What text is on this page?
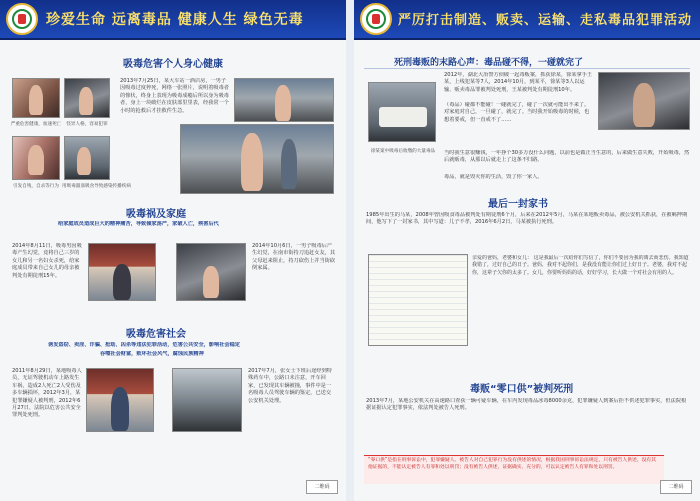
珍爱生命 远离毒品 健康人生 绿色无毒
吸毒危害个人身心健康
严重危害健康，加速死亡	怪异人格，容易犯罪
引发自残，自杀等行为 用吸毒器皿吸食导致感染传播疾病
2013年7月25日，某大车站一酒店房，一男子因吸毒过度猝死，网络一张照片，说明着吸毒者的惨状，终身上表现为吸毒成瘾后所以身为吸毒者，身上一块破烂在皮肤部里里表，经我常一个小时的抢救后才挂救件生急。
吸毒祸及家庭
给家庭成员造成巨大的精神痛苦，导致倾家荡产，家破人亡，殃害后代
2014年8月11日，吸毒男因吸毒产生幻觉，竟将自己三岁的女儿和另一名妇女杀死，给家庭成员带来自己女儿的母亲被判处有期徒刑15年。
2014年10月6日，一男子吸毒后产生幻觉，在南市街持刀追赶女友，其父母赶来阻止，持刀砍伤上并当街砍倒家属。
吸毒危害社会
诱发盗窃、卖淫、诈骗、抢劫、凶杀等违法犯罪活动，危害公共安全，影响社会稳定
吞噬社会财富，败坏社会风气，腐蚀民族精神
2011年8月29日，某地吸毒人员，无证驾驶机动车上路发生车祸，造成2人死亡2人受伤及多车辆损坏，2012年3月，某犯罪嫌疑人被判刑，2012年6月27日，法院以危害公共安全罪判处死刑。
2017年7月，张女士下班后途经到特殊药车中，公路口未注意，开车回家，已发现其车辆被撞，事件中是一名吸毒人员驾驶车辆的鉴定，已送交公安机关处理。
二维码
严厉打击制造、贩卖、运输、走私毒品犯罪活动
死刑毒贩的末路心声：毒品碰不得，一碰就完了
徐某案中吸毒后收缴的大量毒品
2012年，湖北大冶警方侦破一起毒贩案，抓获徐某，徐某拿手王某，上线犯某等7人，2014年10月，到某平，徐某等3人以运输、贩卖毒品罪被判处死刑，王某被判处有期徒刑10年。
（毒品）碰都不能碰！一碰就完了，碰了一次就可能出不来了。对家庭对自己，一旦碰了，就完了。当时我开始吸毒的时候，也想着要戒，但一直戒不了……
当时我生意很赚钱，一年挣个30多万没什么问题，以前也是做正当生意的，后来做生意失败，开始吸毒，然后就贩毒，从那以后就走上了这条不归路。
毒品，就是毁灭你的生活，毁了你一家人。
最后一封家书
1985年出生的马某，2008年曾因吸食毒品被判处有期徒刑6个月，后来在2012年5月，马某在某地贩卖毒品，被公安机关抓获，在被羁押期间，他写下了一封家书，其中写道：儿子不孝，2016年6月2日，马某被执行死刑。
亲爱的爸妈，老婆和女儿： 这是我最后一次给你们写信了，你们不要因为我的离去而悲伤。我知道我错了，过好自己的日子。爸妈，我对不起你们，是我没有能让你们过上好日子。老婆，我对不起你，这辈子欠你的太多了。女儿，你要听妈妈的话，好好学习，长大做一个对社会有用的人。
毒贩“零口供”被判死刑
2013年7月，某地公安机关在高速路口查获一辆可疑车辆，在车内发现毒品冰毒8000余克，犯罪嫌疑人到案后拒不供述犯罪事实，但法院根据证据认定犯罪事实，依法判处被告人死刑。
“零口供”是指在刑事诉讼中，犯罪嫌疑人、被告人对自己犯罪行为没有供述的情况，根据我国刑事诉讼法规定，只有被告人供述，没有其他证据的，不能认定被告人有罪和处以刑罚；没有被告人供述，证据确实、充分的，可以认定被告人有罪和处以刑罚。
二维码
